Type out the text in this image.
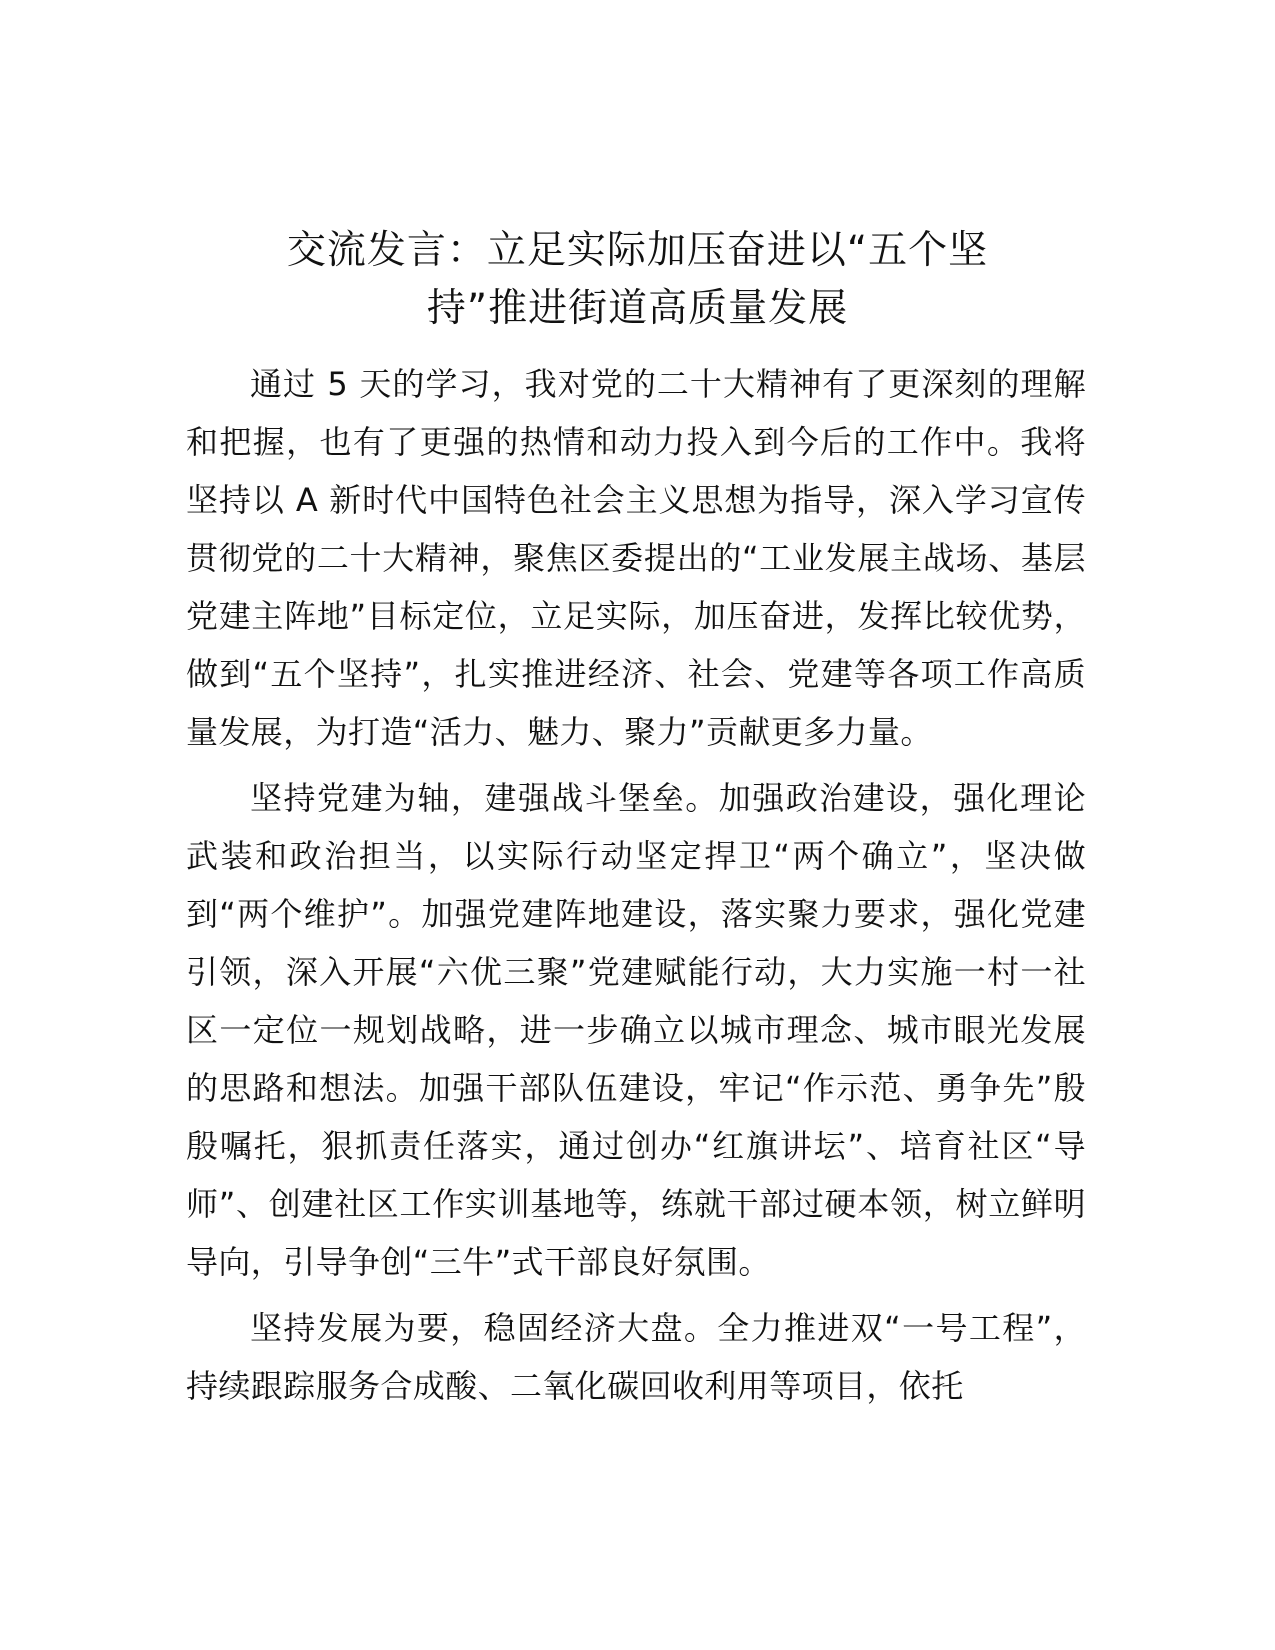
交流发言：立足实际加压奋进以“五个坚
持”推进街道高质量发展

通过 5 天的学习，我对党的二十大精神有了更深刻的理解和把握，也有了更强的热情和动力投入到今后的工作中。我将坚持以 A 新时代中国特色社会主义思想为指导，深入学习宣传贯彻党的二十大精神，聚焦区委提出的“工业发展主战场、基层党建主阵地”目标定位，立足实际，加压奋进，发挥比较优势，做到“五个坚持”，扎实推进经济、社会、党建等各项工作高质量发展，为打造“活力、魅力、聚力”贡献更多力量。

坚持党建为轴，建强战斗堡垒。加强政治建设，强化理论武装和政治担当，以实际行动坚定捍卫“两个确立”，坚决做到“两个维护”。加强党建阵地建设，落实聚力要求，强化党建引领，深入开展“六优三聚”党建赋能行动，大力实施一村一社区一定位一规划战略，进一步确立以城市理念、城市眼光发展的思路和想法。加强干部队伍建设，牢记“作示范、勇争先”殷殷嘱托，狠抓责任落实，通过创办“红旗讲坛”、培育社区“导师”、创建社区工作实训基地等，练就干部过硬本领，树立鲜明导向，引导争创“三牛”式干部良好氛围。

坚持发展为要，稳固经济大盘。全力推进双“一号工程”，持续跟踪服务合成酸、二氧化碳回收利用等项目，依托
